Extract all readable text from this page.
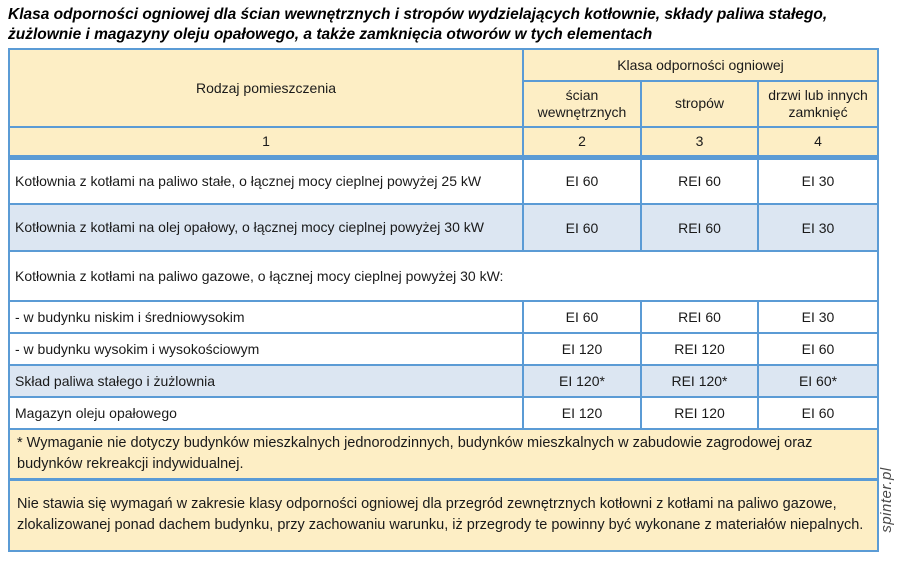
Klasa odporności ogniowej dla ścian wewnętrznych i stropów wydzielających kotłownie, składy paliwa stałego, żużlownie i magazyny oleju opałowego, a także zamknięcia otworów w tych elementach
Rodzaj pomieszczenia	Klasa odporności ogniowej		
	ścian wewnętrznych	stropów	drzwi lub innych zamknięć
1	2	3	4
Kotłownia z kotłami na paliwo stałe, o łącznej mocy cieplnej powyżej 25 kW	EI 60	REI 60	EI 30
Kotłownia z kotłami na olej opałowy, o łącznej mocy cieplnej powyżej 30 kW	EI 60	REI 60	EI 30
Kotłownia z kotłami na paliwo gazowe, o łącznej mocy cieplnej powyżej 30 kW:			
- w budynku niskim i średniowysokim	EI 60	REI 60	EI 30
- w budynku wysokim i wysokościowym	EI 120	REI 120	EI 60
Skład paliwa stałego i żużlownia	EI 120*	REI 120*	EI 60*
Magazyn oleju opałowego	EI 120	REI 120	EI 60
* Wymaganie nie dotyczy budynków mieszkalnych jednorodzinnych, budynków mieszkalnych w zabudowie zagrodowej oraz budynków rekreakcji indywidualnej.			
Nie stawia się wymagań w zakresie klasy odporności ogniowej dla przegród zewnętrznych kotłowni z kotłami na paliwo gazowe, zlokalizowanej ponad dachem budynku, przy zachowaniu warunku, iż przegrody te powinny być wykonane z materiałów niepalnych.			spinter.pl
